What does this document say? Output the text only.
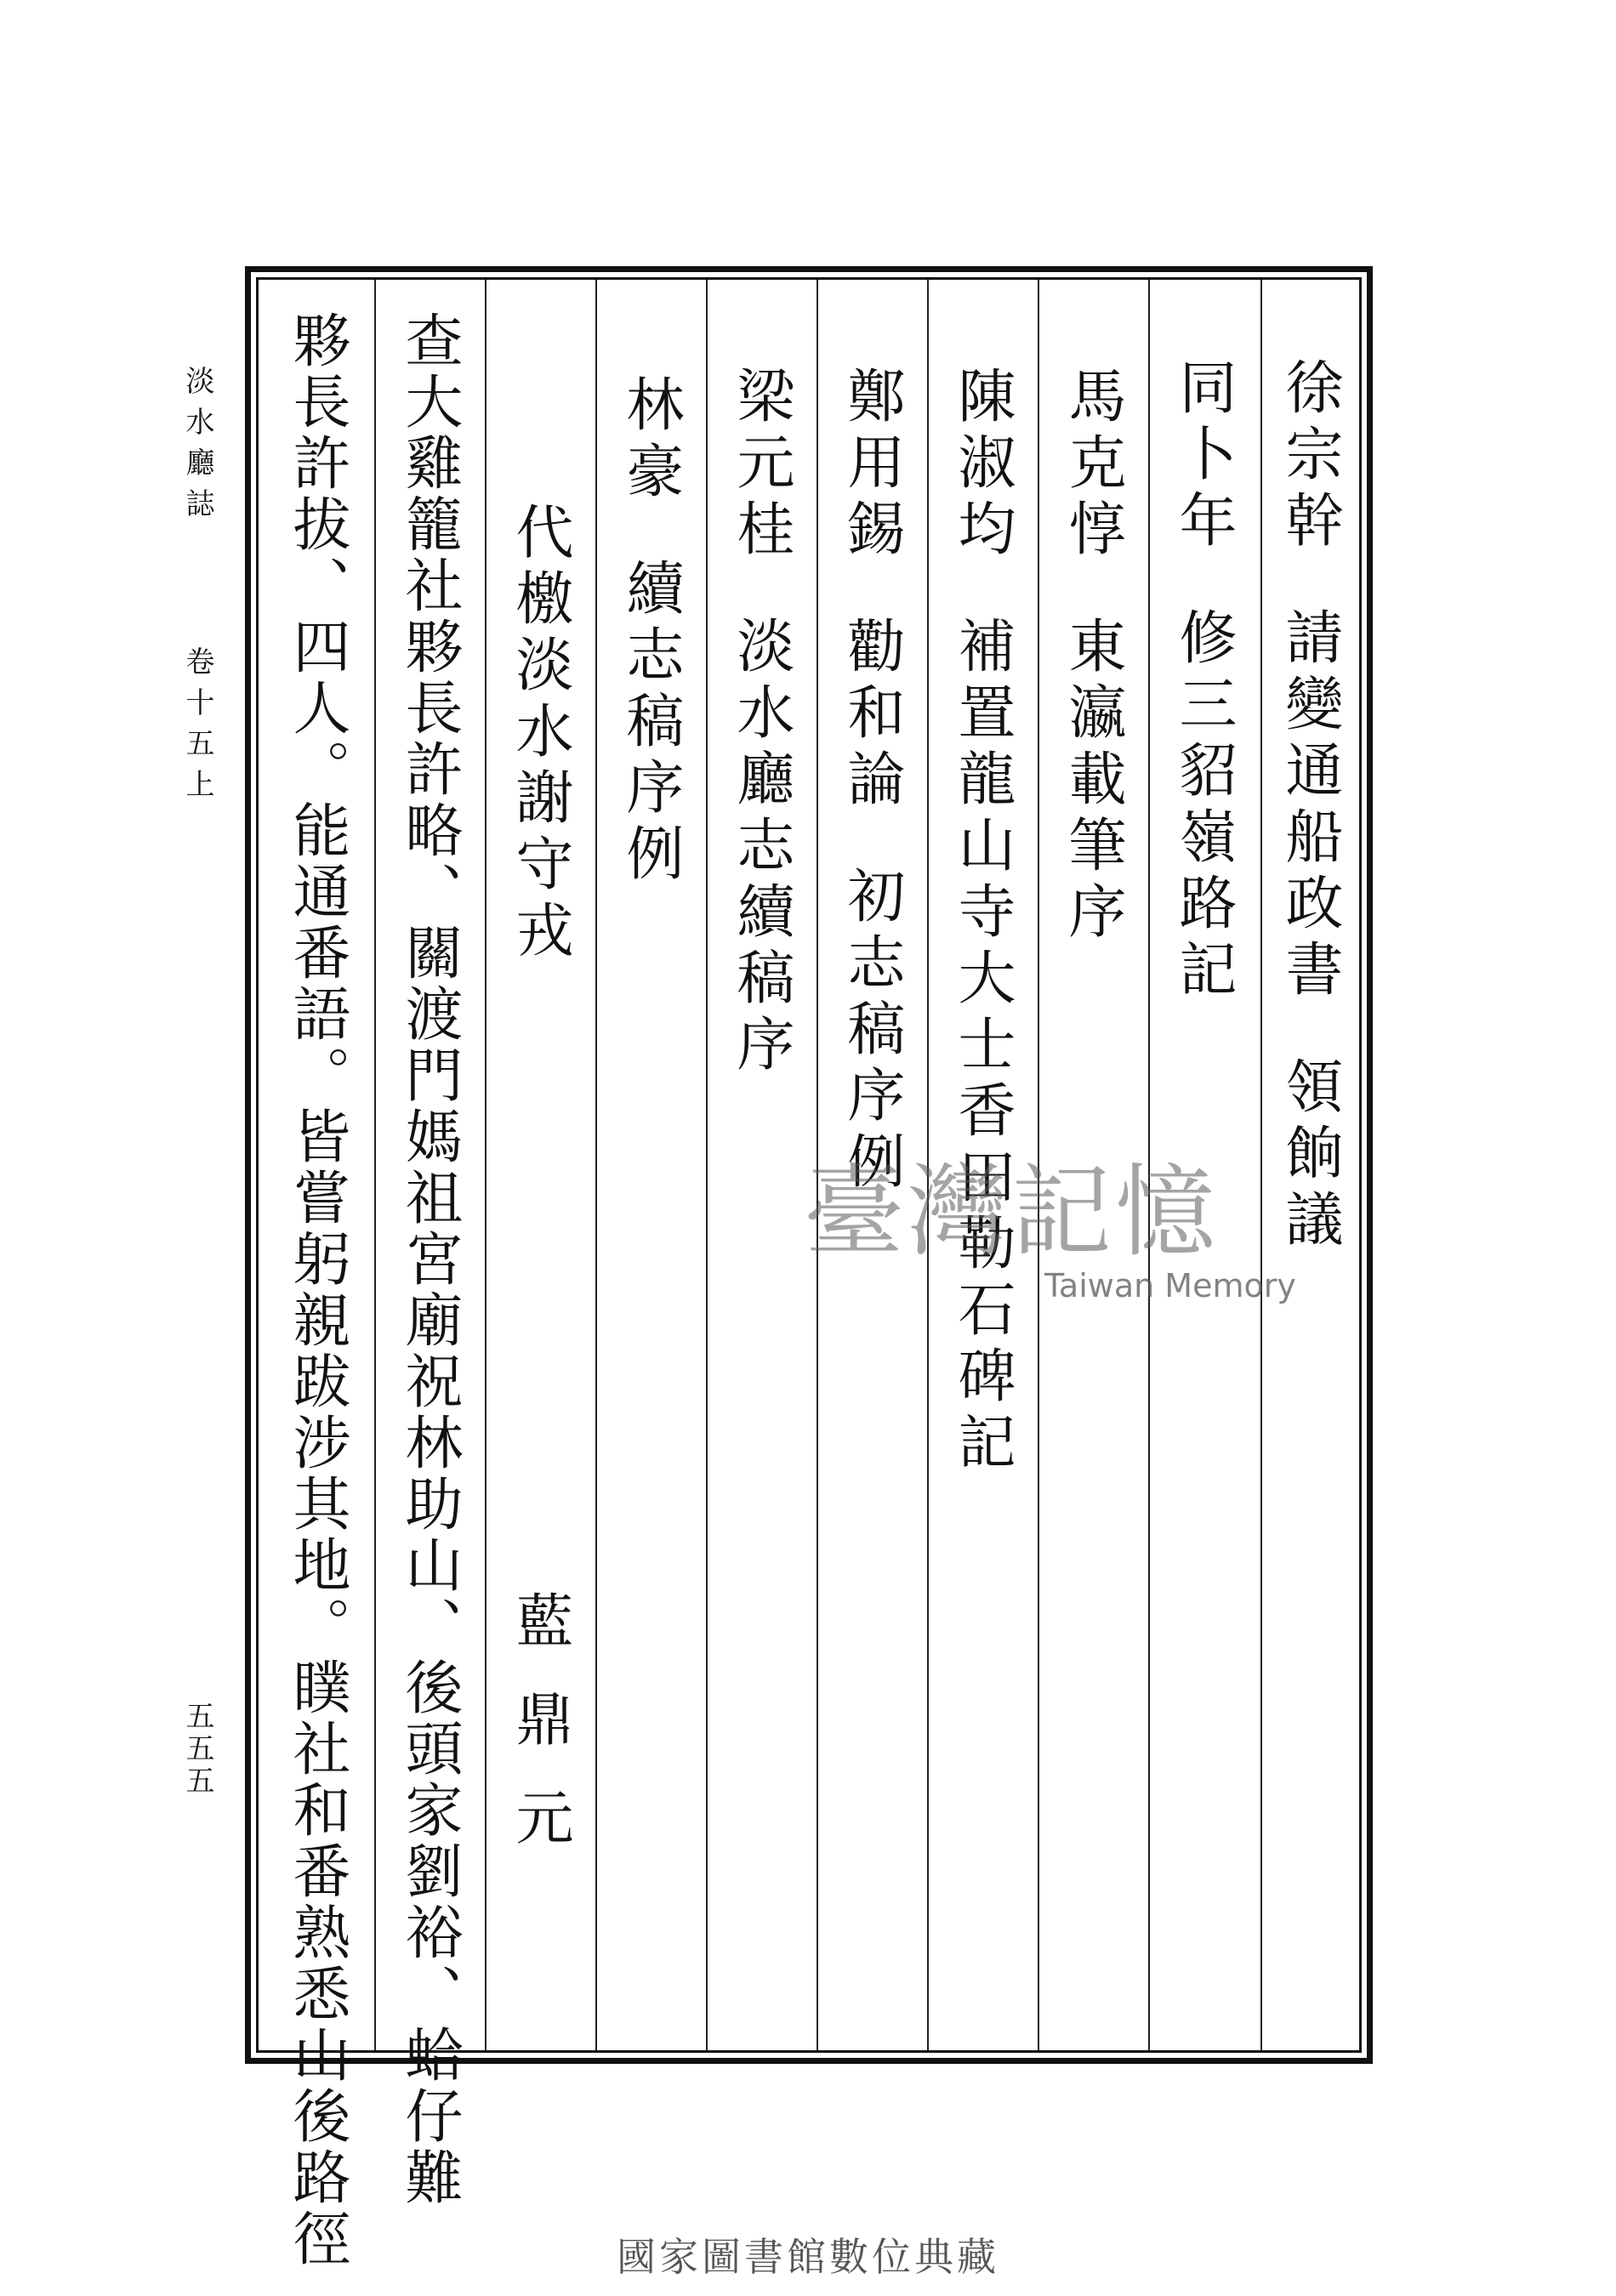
徐宗幹請變通船政書領餉議
同卜年修三貂嶺路記
馬克惇東瀛載筆序
陳淑均補置龍山寺大士香田勒石碑記
鄭用錫勸和論初志稿序例
梁元桂淡水廳志續稿序
林豪續志稿序例
代檄淡水謝守戎
藍鼎元
查大雞籠社夥長許略、關渡門媽祖宮廟祝林助山、後頭家劉裕、蛤仔難
夥長許拔、四人。能通番語。皆嘗躬親跋涉其地。瞨社和番熟悉山後路徑
淡水廳誌
卷十五上
五五五
臺灣記憶
Taiwan Memory
國家圖書館數位典藏
